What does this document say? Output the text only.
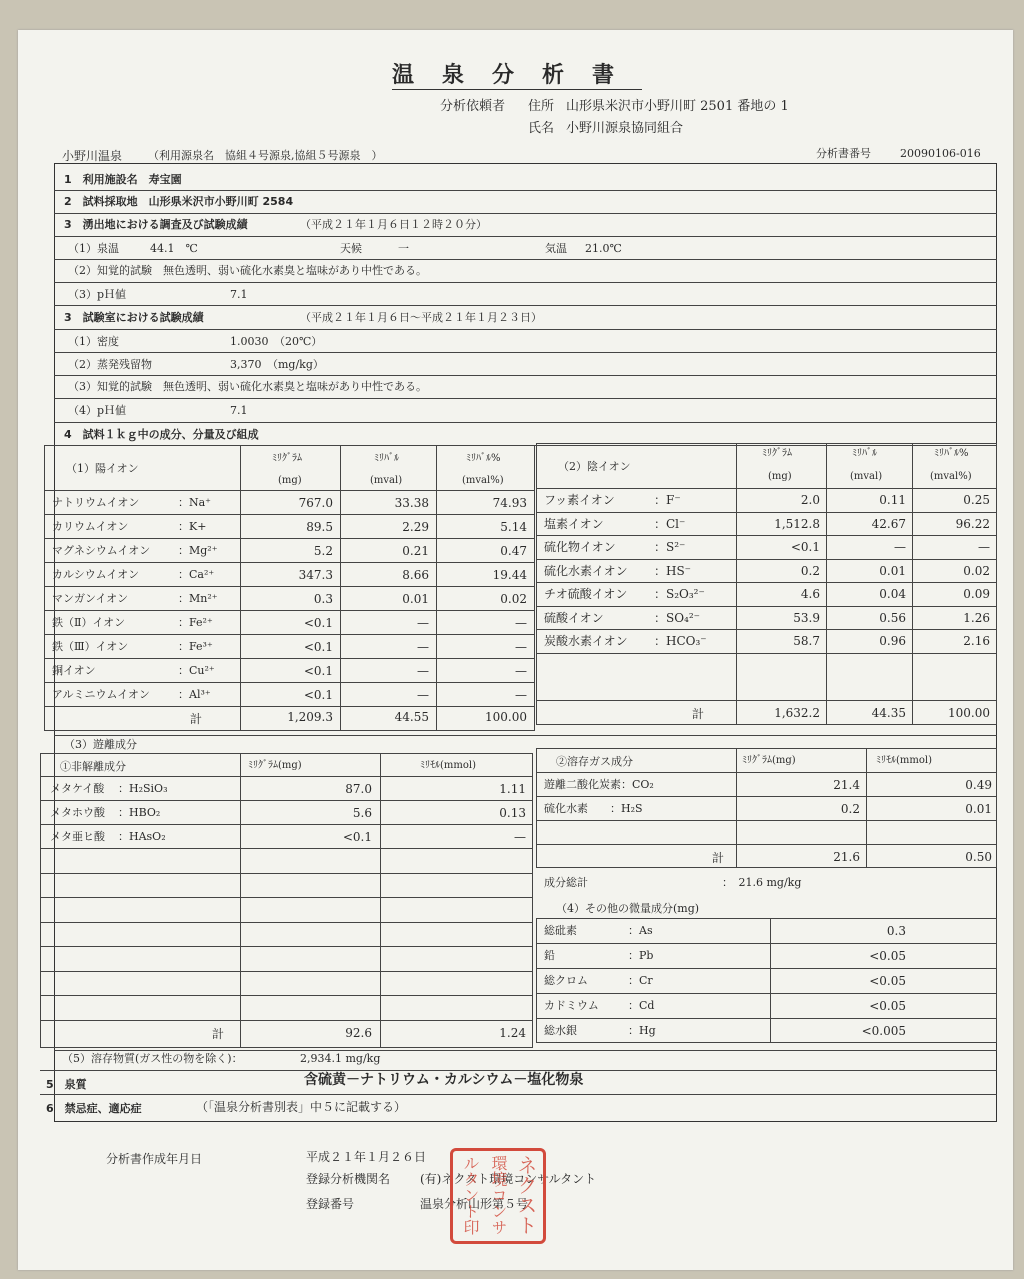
温泉分析書
分析依頼者 住所 山形県米沢市小野川町 2501 番地の 1
氏名 小野川源泉協同組合
小野川温泉 （利用源泉名　協組４号源泉,協組５号源泉　）	分析書番号	20090106-016
1　利用施設名　寿宝園
2　試料採取地　山形県米沢市小野川町 2584
3　湧出地における調査及び試験成績	（平成２１年１月６日１２時２０分）
（1）泉温	44.1　℃	天候	一	気温 21.0℃
（2）知覚的試験　無色透明、弱い硫化水素臭と塩味があり中性である。
（3）pＨ値	7.1
3　試験室における試験成績	（平成２１年１月６日～平成２１年１月２３日）
（1）密度	1.0030　（20℃）
（2）蒸発残留物	3,370　（mg/kg）
（3）知覚的試験　無色透明、弱い硫化水素臭と塩味があり中性である。
（4）pＨ値	7.1
4　試料１ｋｇ中の成分、分量及び組成
（1）陽イオン
ﾐﾘｸﾞﾗﾑ
(mg)
ﾐﾘﾊﾞﾙ
(mval)
ﾐﾘﾊﾞﾙ%
(mval%)
ナトリウムイオン	：Na⁺	767.0	33.38	74.93
カリウムイオン	：K+	89.5	2.29	5.14
マグネシウムイオン	：Mg²⁺	5.2	0.21	0.47
カルシウムイオン	：Ca²⁺	347.3	8.66	19.44
マンガンイオン	：Mn²⁺	0.3	0.01	0.02
鉄（Ⅱ）イオン	：Fe²⁺	<0.1	—	—
鉄（Ⅲ）イオン	：Fe³⁺	<0.1	—	—
銅イオン	：Cu²⁺	<0.1	—	—
アルミニウムイオン	：Al³⁺	<0.1	—	—
計	1,209.3	44.55	100.00
（2）陰イオン
ﾐﾘｸﾞﾗﾑ
(mg)
ﾐﾘﾊﾞﾙ
(mval)
ﾐﾘﾊﾞﾙ%
(mval%)
フッ素イオン	：F⁻	2.0	0.11	0.25
塩素イオン	：Cl⁻	1,512.8	42.67	96.22
硫化物イオン	：S²⁻	<0.1	—	—
硫化水素イオン ：HS⁻	0.2	0.01	0.02
チオ硫酸イオン ：S₂O₃²⁻	4.6	0.04	0.09
硫酸イオン	：SO₄²⁻	53.9	0.56	1.26
炭酸水素イオン ：HCO₃⁻	58.7	0.96	2.16
計	1,632.2	44.35	100.00
（3）遊離成分
①非解離成分	ﾐﾘｸﾞﾗﾑ(mg)	ﾐﾘﾓﾙ(mmol)
メタケイ酸 ：H₂SiO₃	87.0	1.11
メタホウ酸 ：HBO₂	5.6	0.13
メタ亜ヒ酸 ：HAsO₂	<0.1	—
計	92.6	1.24
②溶存ガス成分	ﾐﾘｸﾞﾗﾑ(mg)	ﾐﾘﾓﾙ(mmol)
遊離二酸化炭素：CO₂	21.4	0.49
硫化水素　　：H₂S	0.2	0.01
計	21.6	0.50
成分総計	：　21.6 mg/kg
（4）その他の微量成分(mg)
総砒素	：As	0.3
鉛	：Pb	<0.05
総クロム	：Cr	<0.05
カドミウム	：Cd	<0.05
総水銀	：Hg	<0.005
（5）溶存物質(ガス性の物を除く)：	2,934.1 mg/kg
5　泉質	含硫黄－ナトリウム・カルシウム－塩化物泉
6　禁忌症、適応症	（「温泉分析書別表」中５に記載する）
分析書作成年月日	平成２１年１月２６日
登録分析機関名 (有)ネクスト環境コンサルタント
登録番号	温泉分析山形第５号
ネクスト
環境コンサ
ルタント印
